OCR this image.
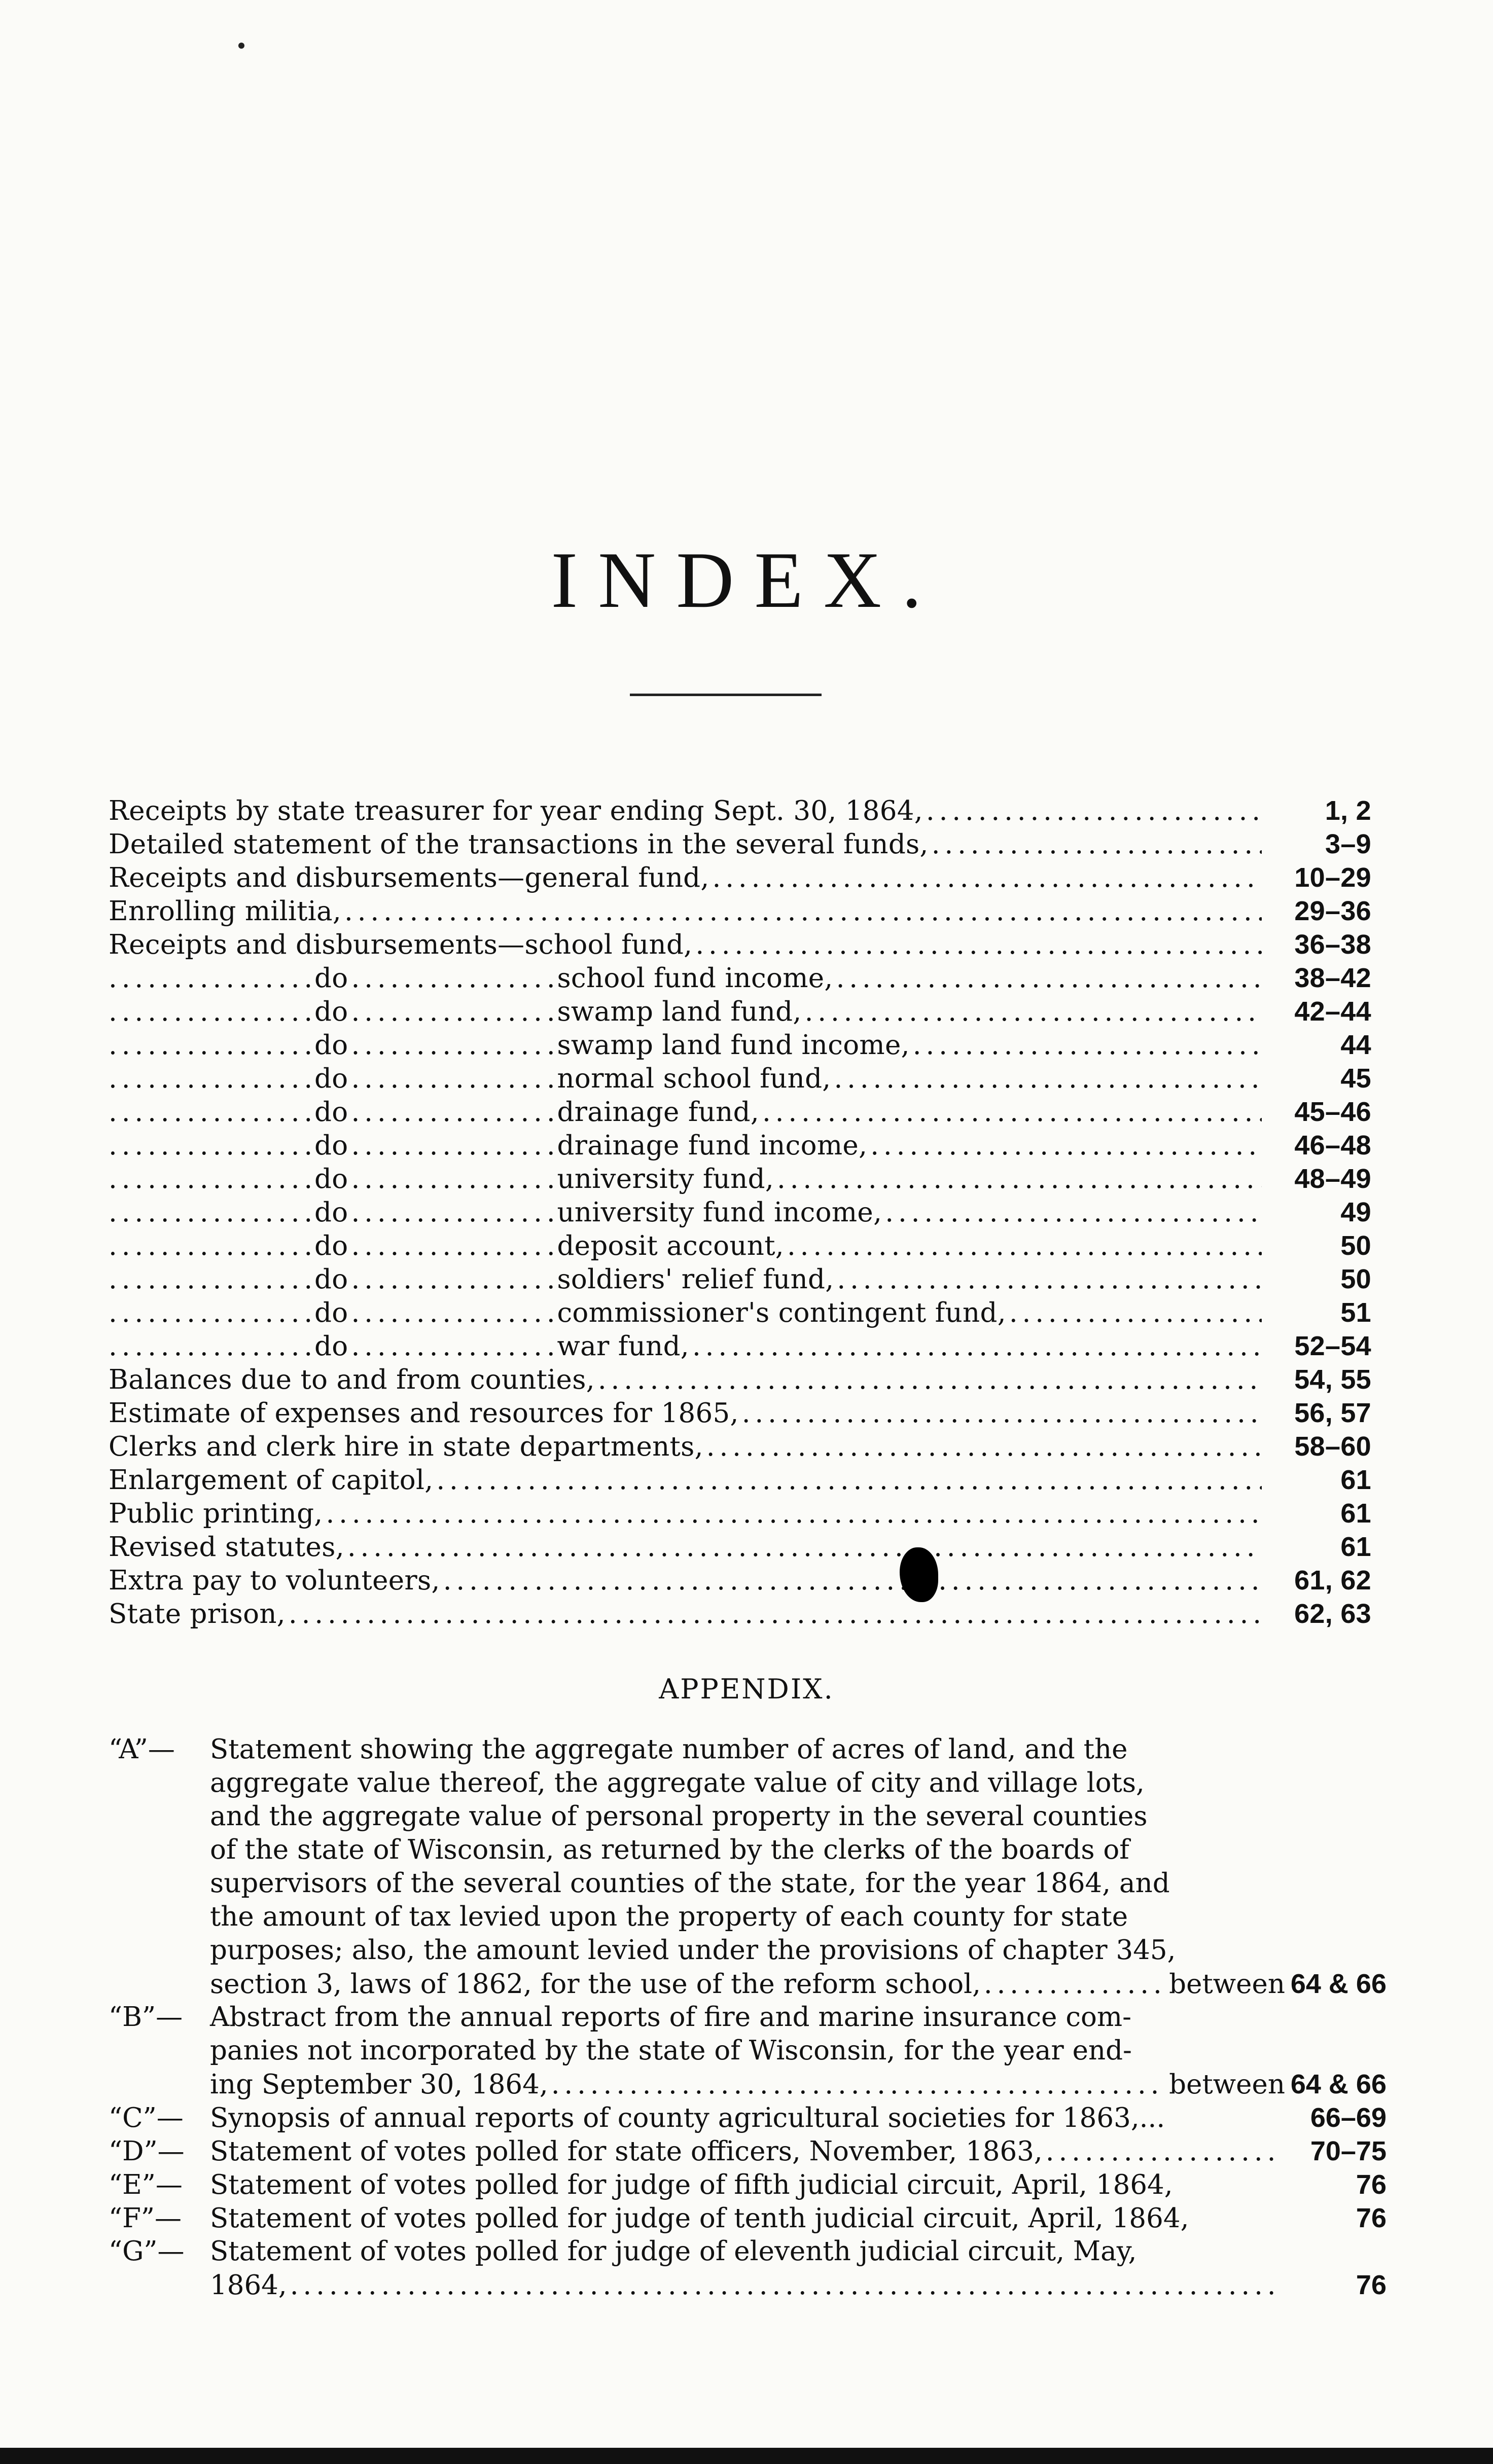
INDEX.
Receipts by state treasurer for year ending Sept. 30, 1864, . . .	1, 2
Detailed statement of the transactions in the several funds, . . .	3–9
Receipts and disbursements—general fund, . . .	10–29
Enrolling militia, . . .	29–36
Receipts and disbursements—school fund, . . .	36–38
. . .
do . . .	school fund income, . . .	38–42
. . .
do . . .	swamp land fund, . . .	42–44
. . .
do . . .	swamp land fund income, . . .	44
. . .
do . . .	normal school fund, . . .	45
. . .
do . . .	drainage fund, . . .	45–46
. . .
do . . .	drainage fund income, . . .	46–48
. . .
do . . .	university fund, . . .	48–49
. . .
do . . .	university fund income, . . .	49
. . .
do . . .	deposit account, . . .	50
. . .
do . . .	soldiers' relief fund, . . .	50
. . .
do . . .	commissioner's contingent fund, . . .	51
. . .
do . . .	war fund, . . .	52–54
Balances due to and from counties, . . .	54, 55
Estimate of expenses and resources for 1865, . . .	56, 57
Clerks and clerk hire in state departments, . . .	58–60
Enlargement of capitol, . . .	61
Public printing, . . .	61
Revised statutes, . . .	61
Extra pay to volunteers, . . .	61, 62
State prison, . . .	62, 63
APPENDIX.
“A”—	Statement showing the aggregate number of acres of land, and the
aggregate value thereof, the aggregate value of city and village lots,
and the aggregate value of personal property in the several counties
of the state of Wisconsin, as returned by the clerks of the boards of
supervisors of the several counties of the state, for the year 1864, and
the amount of tax levied upon the property of each county for state
purposes; also, the amount levied under the provisions of chapter 345,
section 3, laws of 1862, for the use of the reform school, . . .	between 64 & 66
“B”—	Abstract from the annual reports of fire and marine insurance com-
panies not incorporated by the state of Wisconsin, for the year end-
ing September 30, 1864, . . .	between 64 & 66
“C”— Synopsis of annual reports of county agricultural societies for 1863,...	66–69
“D”— Statement of votes polled for state officers, November, 1863, . . .	70–75
“E”—	Statement of votes polled for judge of fifth judicial circuit, April, 1864,	76
“F”—	Statement of votes polled for judge of tenth judicial circuit, April, 1864,	76
“G”— Statement of votes polled for judge of eleventh judicial circuit, May,
1864, . . .	76
